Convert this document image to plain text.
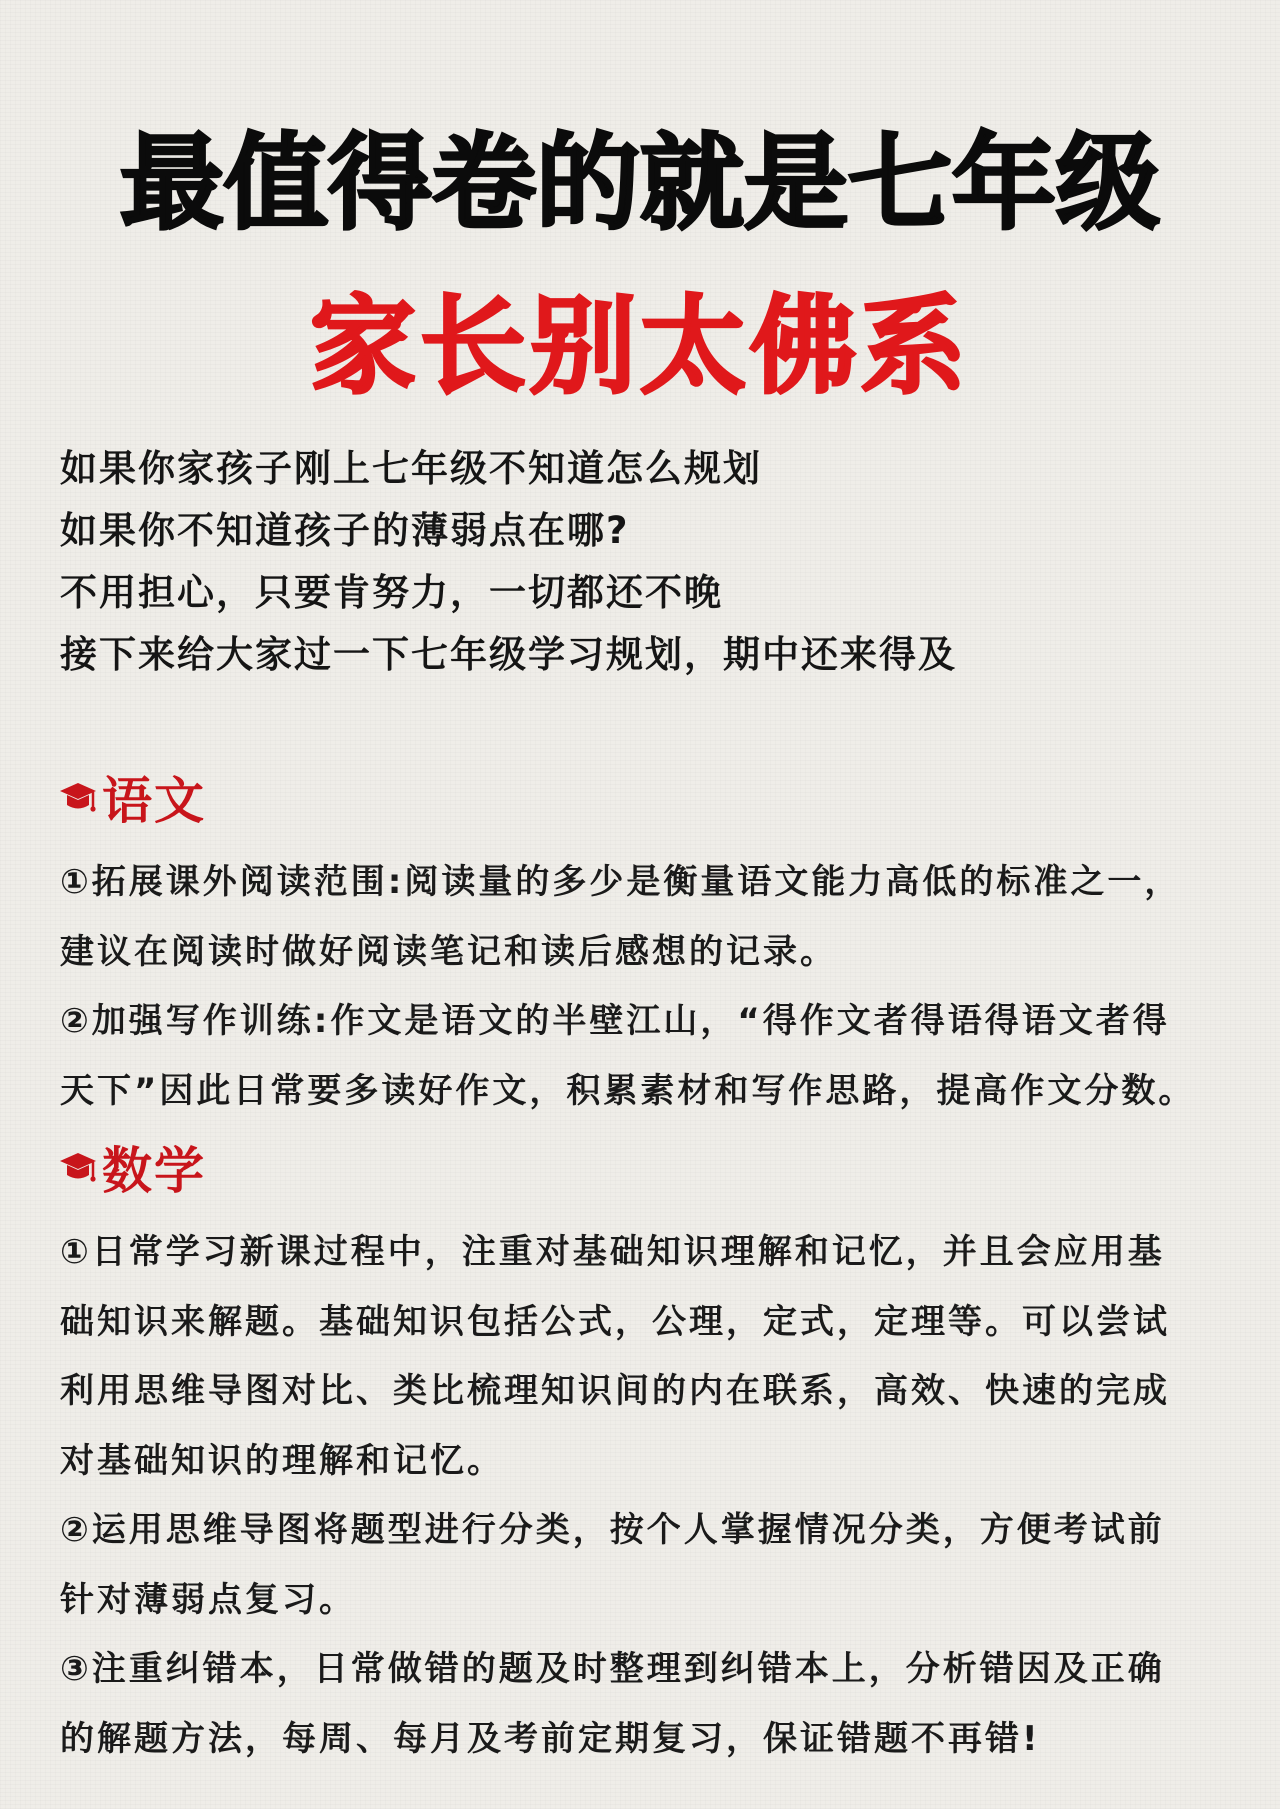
最值得卷的就是七年级
家长别太佛系
如果你家孩子刚上七年级不知道怎么规划
如果你不知道孩子的薄弱点在哪?
不用担心，只要肯努力，一切都还不晚
接下来给大家过一下七年级学习规划，期中还来得及
语文
①拓展课外阅读范围:阅读量的多少是衡量语文能力高低的标准之一，
建议在阅读时做好阅读笔记和读后感想的记录。
②加强写作训练:作文是语文的半壁江山，“得作文者得语得语文者得
天下”因此日常要多读好作文，积累素材和写作思路，提高作文分数。
数学
①日常学习新课过程中，注重对基础知识理解和记忆，并且会应用基
础知识来解题。基础知识包括公式，公理，定式，定理等。可以尝试
利用思维导图对比、类比梳理知识间的内在联系，高效、快速的完成
对基础知识的理解和记忆。
②运用思维导图将题型进行分类，按个人掌握情况分类，方便考试前
针对薄弱点复习。
③注重纠错本，日常做错的题及时整理到纠错本上，分析错因及正确
的解题方法，每周、每月及考前定期复习，保证错题不再错!
